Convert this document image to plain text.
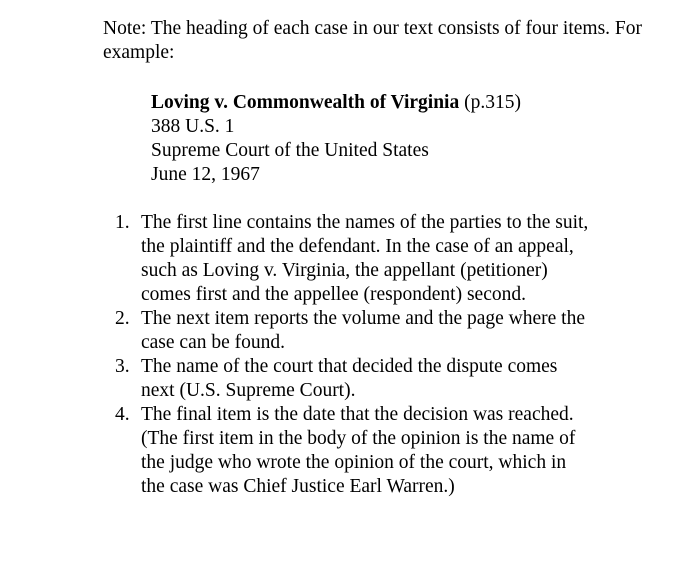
Note: The heading of each case in our text consists of four items. For example:

Loving v. Commonwealth of Virginia (p.315)
388 U.S. 1
Supreme Court of the United States
June 12, 1967
1. The first line contains the names of the parties to the suit, the plaintiff and the defendant. In the case of an appeal, such as Loving v. Virginia, the appellant (petitioner) comes first and the appellee (respondent) second.
2. The next item reports the volume and the page where the case can be found.
3. The name of the court that decided the dispute comes next (U.S. Supreme Court).
4. The final item is the date that the decision was reached. (The first item in the body of the opinion is the name of the judge who wrote the opinion of the court, which in the case was Chief Justice Earl Warren.)
